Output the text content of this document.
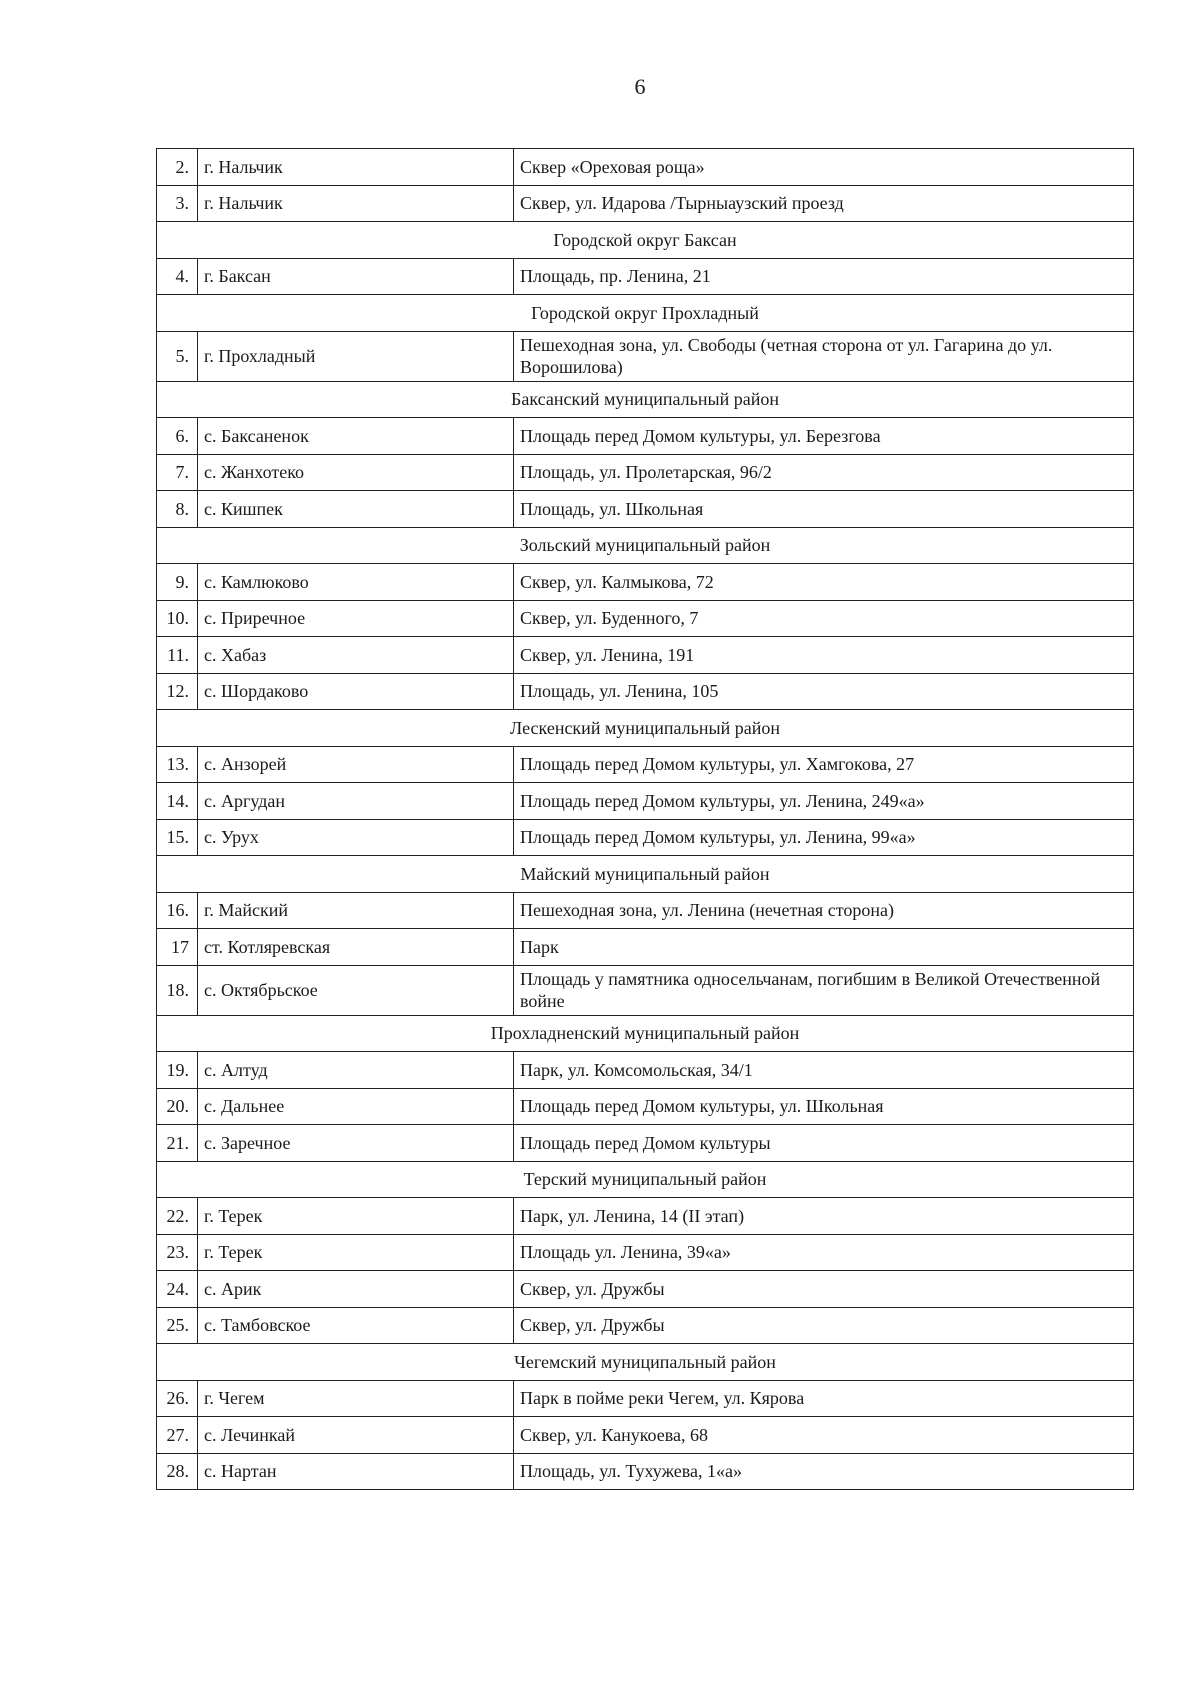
6
2.	г. Нальчик	Сквер «Ореховая роща»
3.	г. Нальчик	Сквер, ул. Идарова /Тырныаузский проезд
Городской округ Баксан		
4.	г. Баксан	Площадь, пр. Ленина, 21
Городской округ Прохладный		
5.	г. Прохладный	Пешеходная зона, ул. Свободы (четная сторона от ул. Гагарина до ул. Ворошилова)
Баксанский муниципальный район		
6.	с. Баксаненок	Площадь перед Домом культуры, ул. Березгова
7.	с. Жанхотеко	Площадь, ул. Пролетарская, 96/2
8.	с. Кишпек	Площадь, ул. Школьная
Зольский муниципальный район		
9.	с. Камлюково	Сквер, ул. Калмыкова, 72
10.	с. Приречное	Сквер, ул. Буденного, 7
11.	с. Хабаз	Сквер, ул. Ленина, 191
12.	с. Шордаково	Площадь, ул. Ленина, 105
Лескенский муниципальный район		
13.	с. Анзорей	Площадь перед Домом культуры, ул. Хамгокова, 27
14.	с. Аргудан	Площадь перед Домом культуры, ул. Ленина, 249«а»
15.	с. Урух	Площадь перед Домом культуры, ул. Ленина, 99«а»
Майский муниципальный район		
16.	г. Майский	Пешеходная зона, ул. Ленина (нечетная сторона)
17	ст. Котляревская	Парк
18.	с. Октябрьское	Площадь у памятника односельчанам, погибшим в Великой Отечественной войне
Прохладненский муниципальный район		
19.	с. Алтуд	Парк, ул. Комсомольская, 34/1
20.	с. Дальнее	Площадь перед Домом культуры, ул. Школьная
21.	с. Заречное	Площадь перед Домом культуры
Терский муниципальный район		
22.	г. Терек	Парк, ул. Ленина, 14 (II этап)
23.	г. Терек	Площадь ул. Ленина, 39«а»
24.	с. Арик	Сквер, ул. Дружбы
25.	с. Тамбовское	Сквер, ул. Дружбы
Чегемский муниципальный район		
26.	г. Чегем	Парк в пойме реки Чегем, ул. Кярова
27.	с. Лечинкай	Сквер, ул. Канукоева, 68
28.	с. Нартан	Площадь, ул. Тухужева, 1«а»
